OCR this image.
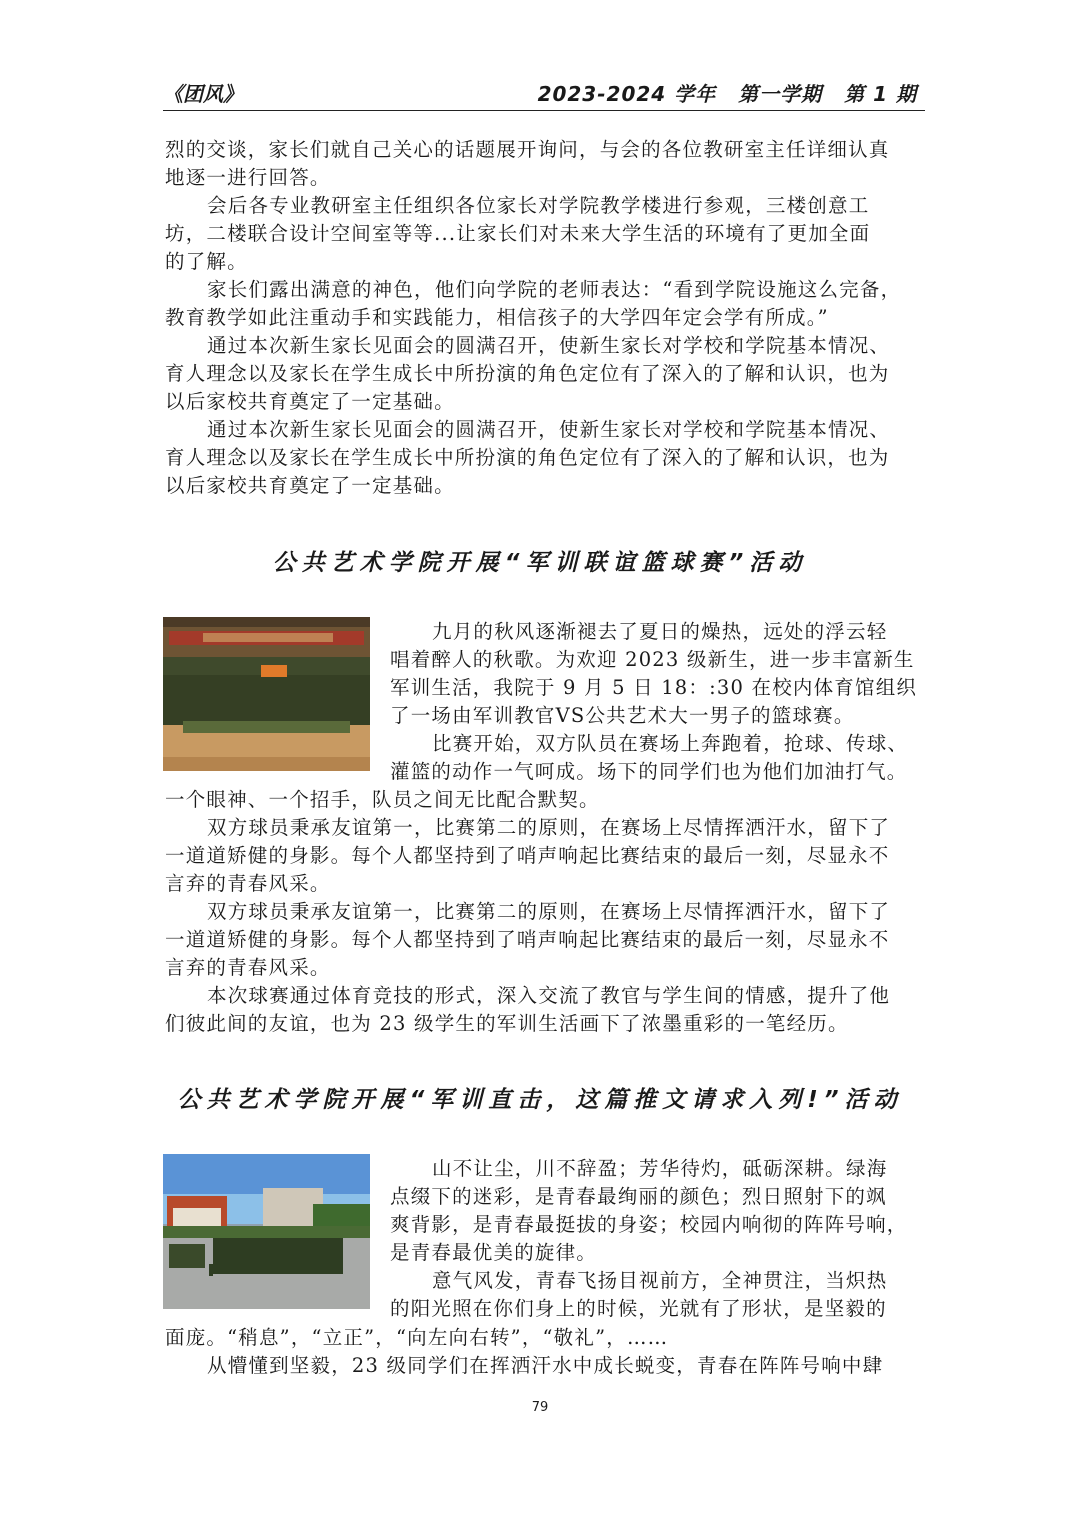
《团风》	2023-2024 学年 第一学期 第 1 期
烈的交谈，家长们就自己关心的话题展开询问，与会的各位教研室主任详细认真
地逐一进行回答。
会后各专业教研室主任组织各位家长对学院教学楼进行参观，三楼创意工
坊，二楼联合设计空间室等等...让家长们对未来大学生活的环境有了更加全面
的了解。
家长们露出满意的神色，他们向学院的老师表达：“看到学院设施这么完备，
教育教学如此注重动手和实践能力，相信孩子的大学四年定会学有所成。”
通过本次新生家长见面会的圆满召开，使新生家长对学校和学院基本情况、
育人理念以及家长在学生成长中所扮演的角色定位有了深入的了解和认识，也为
以后家校共育奠定了一定基础。
通过本次新生家长见面会的圆满召开，使新生家长对学校和学院基本情况、
育人理念以及家长在学生成长中所扮演的角色定位有了深入的了解和认识，也为
以后家校共育奠定了一定基础。
公共艺术学院开展“军训联谊篮球赛”活动
九月的秋风逐渐褪去了夏日的燥热，远处的浮云轻
唱着醉人的秋歌。为欢迎 2023 级新生，进一步丰富新生
军训生活，我院于 9 月 5 日 18：:30 在校内体育馆组织
了一场由军训教官VS公共艺术大一男子的篮球赛。
比赛开始，双方队员在赛场上奔跑着，抢球、传球、
灌篮的动作一气呵成。场下的同学们也为他们加油打气。
一个眼神、一个招手，队员之间无比配合默契。
双方球员秉承友谊第一，比赛第二的原则，在赛场上尽情挥洒汗水，留下了
一道道矫健的身影。每个人都坚持到了哨声响起比赛结束的最后一刻，尽显永不
言弃的青春风采。
双方球员秉承友谊第一，比赛第二的原则，在赛场上尽情挥洒汗水，留下了
一道道矫健的身影。每个人都坚持到了哨声响起比赛结束的最后一刻，尽显永不
言弃的青春风采。
本次球赛通过体育竞技的形式，深入交流了教官与学生间的情感，提升了他
们彼此间的友谊，也为 23 级学生的军训生活画下了浓墨重彩的一笔经历。
公共艺术学院开展“军训直击，这篇推文请求入列!”活动
山不让尘，川不辞盈；芳华待灼，砥砺深耕。绿海
点缀下的迷彩，是青春最绚丽的颜色；烈日照射下的飒
爽背影，是青春最挺拔的身姿；校园内响彻的阵阵号响，
是青春最优美的旋律。
意气风发，青春飞扬目视前方，全神贯注，当炽热
的阳光照在你们身上的时候，光就有了形状，是坚毅的
面庞。“稍息”，“立正”，“向左向右转”，“敬礼”，……
从懵懂到坚毅，23 级同学们在挥洒汗水中成长蜕变，青春在阵阵号响中肆
79
